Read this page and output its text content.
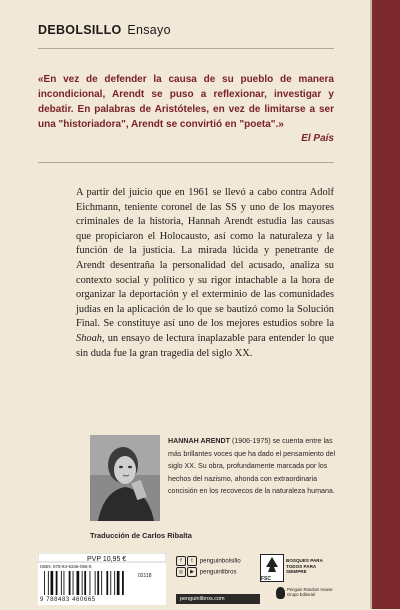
DEBOLSILLO Ensayo
«En vez de defender la causa de su pueblo de manera incondicional, Arendt se puso a reflexionar, investigar y debatir. En palabras de Aristóteles, en vez de limitarse a ser una "historiadora", Arendt se convirtió en "poeta".»
El País
A partir del juicio que en 1961 se llevó a cabo contra Adolf Eichmann, teniente coronel de las SS y uno de los mayores criminales de la historia, Hannah Arendt estudia las causas que propiciaron el Holocausto, así como la naturaleza y la función de la justicia. La mirada lúcida y penetrante de Arendt desentraña la personalidad del acusado, analiza su contexto social y político y su rigor intachable a la hora de organizar la deportación y el exterminio de las comunidades judías en la aplicación de lo que se bautizó como la Solución Final. Se constituye así uno de los mejores estudios sobre la Shoah, un ensayo de lectura inaplazable para entender lo que sin duda fue la gran tragedia del siglo XX.
HANNAH ARENDT (1906-1975) se cuenta entre las más brillantes voces que ha dado el pensamiento del siglo XX. Su obra, profundamente marcada por los hechos del nazismo, ahonda con extraordinaria concisión en los recovecos de la naturaleza humana.
Traducción de Carlos Ribalta
PVP 10,95 €
ISBN: 978-84-8346-066-5
02118
9 788483 460665
f t penguinbolsillo
◎ ▶ penguinlibros
penguinlibros.com
FSC
BOSQUES PARA TODOS PARA SIEMPRE
Penguin Random House Grupo Editorial
